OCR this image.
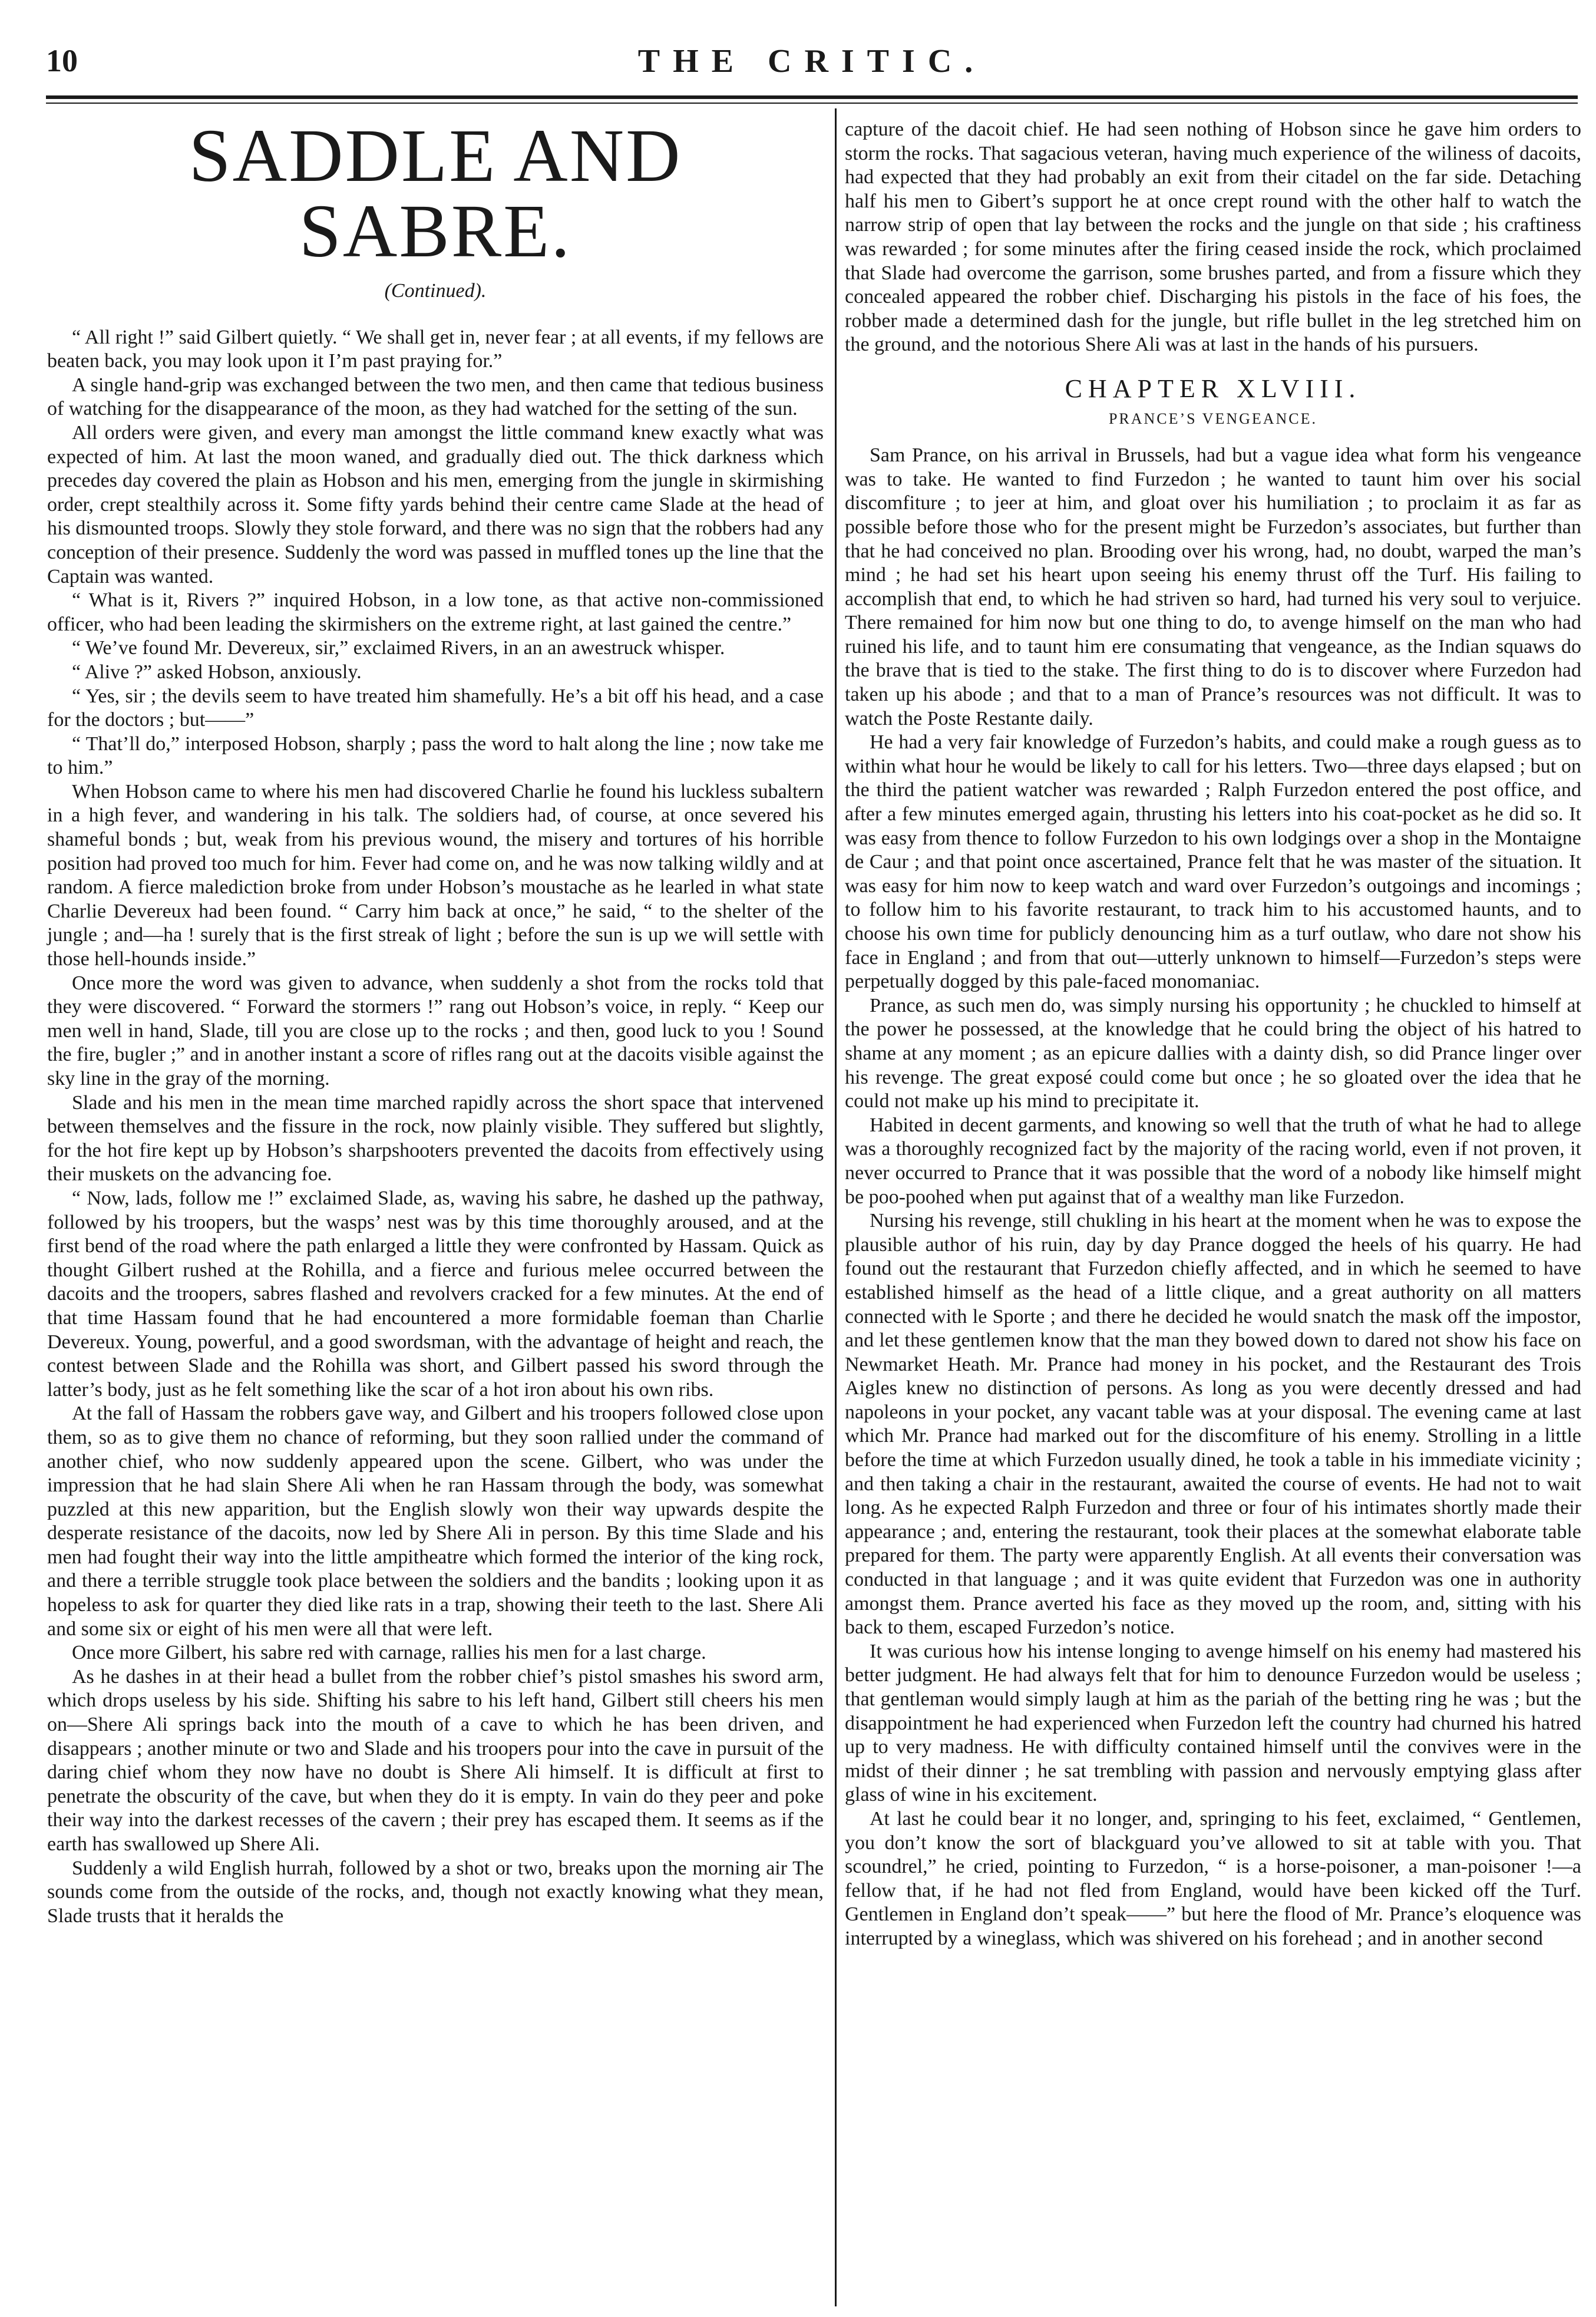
10	THE CRITIC.
SADDLE AND SABRE.
(Continued).

“ All right !” said Gilbert quietly. “ We shall get in, never fear ; at all events, if my fellows are beaten back, you may look upon it I’m past praying for.”

A single hand-grip was exchanged between the two men, and then came that tedious business of watching for the disappearance of the moon, as they had watched for the setting of the sun.

All orders were given, and every man amongst the little command knew exactly what was expected of him. At last the moon waned, and gradually died out. The thick darkness which precedes day covered the plain as Hobson and his men, emerging from the jungle in skirmishing order, crept stealthily across it. Some fifty yards behind their centre came Slade at the head of his dismounted troops. Slowly they stole forward, and there was no sign that the robbers had any conception of their presence. Suddenly the word was passed in muffled tones up the line that the Captain was wanted.

“ What is it, Rivers ?” inquired Hobson, in a low tone, as that active non-commissioned officer, who had been leading the skirmishers on the extreme right, at last gained the centre.”

“ We’ve found Mr. Devereux, sir,” exclaimed Rivers, in an an awestruck whisper.

“ Alive ?” asked Hobson, anxiously.

“ Yes, sir ; the devils seem to have treated him shamefully. He’s a bit off his head, and a case for the doctors ; but——”

“ That’ll do,” interposed Hobson, sharply ; pass the word to halt along the line ; now take me to him.”

When Hobson came to where his men had discovered Charlie he found his luckless subaltern in a high fever, and wandering in his talk. The soldiers had, of course, at once severed his shameful bonds ; but, weak from his previous wound, the misery and tortures of his horrible position had proved too much for him. Fever had come on, and he was now talking wildly and at random. A fierce malediction broke from under Hobson’s moustache as he learled in what state Charlie Devereux had been found. “ Carry him back at once,” he said, “ to the shelter of the jungle ; and—ha ! surely that is the first streak of light ; before the sun is up we will settle with those hell-hounds inside.”

Once more the word was given to advance, when suddenly a shot from the rocks told that they were discovered. “ Forward the stormers !” rang out Hobson’s voice, in reply. “ Keep our men well in hand, Slade, till you are close up to the rocks ; and then, good luck to you ! Sound the fire, bugler ;” and in another instant a score of rifles rang out at the dacoits visible against the sky line in the gray of the morning.

Slade and his men in the mean time marched rapidly across the short space that intervened between themselves and the fissure in the rock, now plainly visible. They suffered but slightly, for the hot fire kept up by Hobson’s sharpshooters prevented the dacoits from effectively using their muskets on the advancing foe.

“ Now, lads, follow me !” exclaimed Slade, as, waving his sabre, he dashed up the pathway, followed by his troopers, but the wasps’ nest was by this time thoroughly aroused, and at the first bend of the road where the path enlarged a little they were confronted by Hassam. Quick as thought Gilbert rushed at the Rohilla, and a fierce and furious melee occurred between the dacoits and the troopers, sabres flashed and revolvers cracked for a few minutes. At the end of that time Hassam found that he had encountered a more formidable foeman than Charlie Devereux. Young, powerful, and a good swordsman, with the advantage of height and reach, the contest between Slade and the Rohilla was short, and Gilbert passed his sword through the latter’s body, just as he felt something like the scar of a hot iron about his own ribs.

At the fall of Hassam the robbers gave way, and Gilbert and his troopers followed close upon them, so as to give them no chance of reforming, but they soon rallied under the command of another chief, who now suddenly appeared upon the scene. Gilbert, who was under the impression that he had slain Shere Ali when he ran Hassam through the body, was somewhat puzzled at this new apparition, but the English slowly won their way upwards despite the desperate resistance of the dacoits, now led by Shere Ali in person. By this time Slade and his men had fought their way into the little ampitheatre which formed the interior of the king rock, and there a terrible struggle took place between the soldiers and the bandits ; looking upon it as hopeless to ask for quarter they died like rats in a trap, showing their teeth to the last. Shere Ali and some six or eight of his men were all that were left.

Once more Gilbert, his sabre red with carnage, rallies his men for a last charge.

As he dashes in at their head a bullet from the robber chief’s pistol smashes his sword arm, which drops useless by his side. Shifting his sabre to his left hand, Gilbert still cheers his men on—Shere Ali springs back into the mouth of a cave to which he has been driven, and disappears ; another minute or two and Slade and his troopers pour into the cave in pursuit of the daring chief whom they now have no doubt is Shere Ali himself. It is difficult at first to penetrate the obscurity of the cave, but when they do it is empty. In vain do they peer and poke their way into the darkest recesses of the cavern ; their prey has escaped them. It seems as if the earth has swallowed up Shere Ali.

Suddenly a wild English hurrah, followed by a shot or two, breaks upon the morning air The sounds come from the outside of the rocks, and, though not exactly knowing what they mean, Slade trusts that it heralds the

capture of the dacoit chief. He had seen nothing of Hobson since he gave him orders to storm the rocks. That sagacious veteran, having much experience of the wiliness of dacoits, had expected that they had probably an exit from their citadel on the far side. Detaching half his men to Gibert’s support he at once crept round with the other half to watch the narrow strip of open that lay between the rocks and the jungle on that side ; his craftiness was rewarded ; for some minutes after the firing ceased inside the rock, which proclaimed that Slade had overcome the garrison, some brushes parted, and from a fissure which they concealed appeared the robber chief. Discharging his pistols in the face of his foes, the robber made a determined dash for the jungle, but rifle bullet in the leg stretched him on the ground, and the notorious Shere Ali was at last in the hands of his pursuers.

CHAPTER XLVIII.
PRANCE’S VENGEANCE.

Sam Prance, on his arrival in Brussels, had but a vague idea what form his vengeance was to take. He wanted to find Furzedon ; he wanted to taunt him over his social discomfiture ; to jeer at him, and gloat over his humiliation ; to proclaim it as far as possible before those who for the present might be Furzedon’s associates, but further than that he had conceived no plan. Brooding over his wrong, had, no doubt, warped the man’s mind ; he had set his heart upon seeing his enemy thrust off the Turf. His failing to accomplish that end, to which he had striven so hard, had turned his very soul to verjuice. There remained for him now but one thing to do, to avenge himself on the man who had ruined his life, and to taunt him ere consumating that vengeance, as the Indian squaws do the brave that is tied to the stake. The first thing to do is to discover where Furzedon had taken up his abode ; and that to a man of Prance’s resources was not difficult. It was to watch the Poste Restante daily.

He had a very fair knowledge of Furzedon’s habits, and could make a rough guess as to within what hour he would be likely to call for his letters. Two—three days elapsed ; but on the third the patient watcher was rewarded ; Ralph Furzedon entered the post office, and after a few minutes emerged again, thrusting his letters into his coat-pocket as he did so. It was easy from thence to follow Furzedon to his own lodgings over a shop in the Montaigne de Caur ; and that point once ascertained, Prance felt that he was master of the situation. It was easy for him now to keep watch and ward over Furzedon’s outgoings and incomings ; to follow him to his favorite restaurant, to track him to his accustomed haunts, and to choose his own time for publicly denouncing him as a turf outlaw, who dare not show his face in England ; and from that out—utterly unknown to himself—Furzedon’s steps were perpetually dogged by this pale-faced monomaniac.

Prance, as such men do, was simply nursing his opportunity ; he chuckled to himself at the power he possessed, at the knowledge that he could bring the object of his hatred to shame at any moment ; as an epicure dallies with a dainty dish, so did Prance linger over his revenge. The great exposé could come but once ; he so gloated over the idea that he could not make up his mind to precipitate it.

Habited in decent garments, and knowing so well that the truth of what he had to allege was a thoroughly recognized fact by the majority of the racing world, even if not proven, it never occurred to Prance that it was possible that the word of a nobody like himself might be poo-poohed when put against that of a wealthy man like Furzedon.

Nursing his revenge, still chukling in his heart at the moment when he was to expose the plausible author of his ruin, day by day Prance dogged the heels of his quarry. He had found out the restaurant that Furzedon chiefly affected, and in which he seemed to have established himself as the head of a little clique, and a great authority on all matters connected with le Sporte ; and there he decided he would snatch the mask off the impostor, and let these gentlemen know that the man they bowed down to dared not show his face on Newmarket Heath. Mr. Prance had money in his pocket, and the Restaurant des Trois Aigles knew no distinction of persons. As long as you were decently dressed and had napoleons in your pocket, any vacant table was at your disposal. The evening came at last which Mr. Prance had marked out for the discomfiture of his enemy. Strolling in a little before the time at which Furzedon usually dined, he took a table in his immediate vicinity ; and then taking a chair in the restaurant, awaited the course of events. He had not to wait long. As he expected Ralph Furzedon and three or four of his intimates shortly made their appearance ; and, entering the restaurant, took their places at the somewhat elaborate table prepared for them. The party were apparently English. At all events their conversation was conducted in that language ; and it was quite evident that Furzedon was one in authority amongst them. Prance averted his face as they moved up the room, and, sitting with his back to them, escaped Furzedon’s notice.

It was curious how his intense longing to avenge himself on his enemy had mastered his better judgment. He had always felt that for him to denounce Furzedon would be useless ; that gentleman would simply laugh at him as the pariah of the betting ring he was ; but the disappointment he had experienced when Furzedon left the country had churned his hatred up to very madness. He with difficulty contained himself until the convives were in the midst of their dinner ; he sat trembling with passion and nervously emptying glass after glass of wine in his excitement.

At last he could bear it no longer, and, springing to his feet, exclaimed, “ Gentlemen, you don’t know the sort of blackguard you’ve allowed to sit at table with you. That scoundrel,” he cried, pointing to Furzedon, “ is a horse-poisoner, a man-poisoner !—a fellow that, if he had not fled from England, would have been kicked off the Turf. Gentlemen in England don’t speak——” but here the flood of Mr. Prance’s eloquence was interrupted by a wineglass, which was shivered on his forehead ; and in another second
